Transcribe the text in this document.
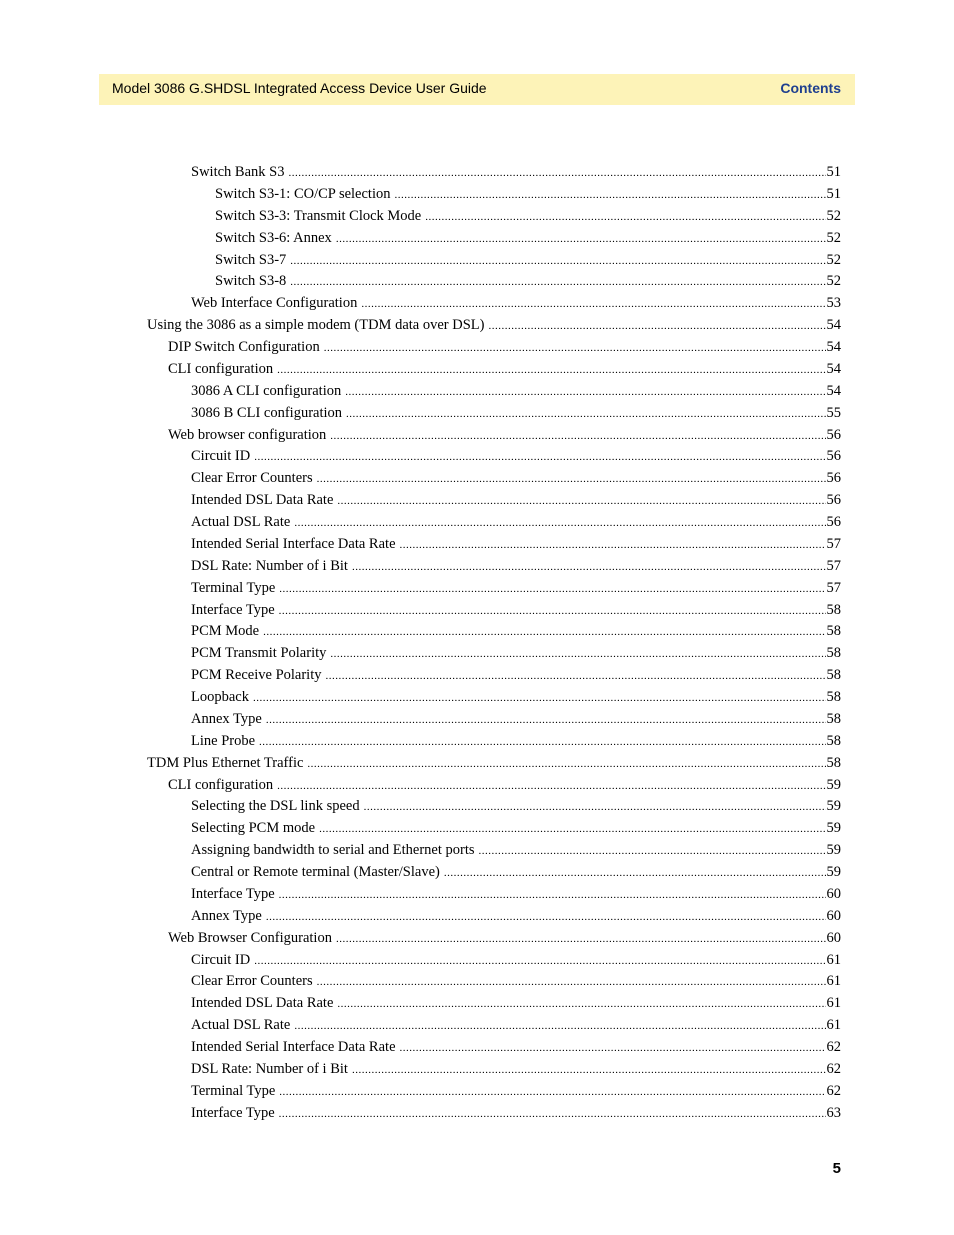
Model 3086 G.SHDSL Integrated Access Device User Guide	Contents
Switch Bank S3 .....	51
Switch S3-1: CO/CP selection .....	51
Switch S3-3: Transmit Clock Mode .....	52
Switch S3-6: Annex .....	52
Switch S3-7 .....	52
Switch S3-8 .....	52
Web Interface Configuration .....	53
Using the 3086 as a simple modem (TDM data over DSL) .....	54
DIP Switch Configuration .....	54
CLI configuration .....	54
3086 A CLI configuration .....	54
3086 B CLI configuration .....	55
Web browser configuration .....	56
Circuit ID .....	56
Clear Error Counters .....	56
Intended DSL Data Rate .....	56
Actual DSL Rate .....	56
Intended Serial Interface Data Rate .....	57
DSL Rate: Number of i Bit .....	57
Terminal Type .....	57
Interface Type .....	58
PCM Mode .....	58
PCM Transmit Polarity .....	58
PCM Receive Polarity .....	58
Loopback .....	58
Annex Type .....	58
Line Probe .....	58
TDM Plus Ethernet Traffic .....	58
CLI configuration .....	59
Selecting the DSL link speed .....	59
Selecting PCM mode .....	59
Assigning bandwidth to serial and Ethernet ports .....	59
Central or Remote terminal (Master/Slave) .....	59
Interface Type .....	60
Annex Type .....	60
Web Browser Configuration .....	60
Circuit ID .....	61
Clear Error Counters .....	61
Intended DSL Data Rate .....	61
Actual DSL Rate .....	61
Intended Serial Interface Data Rate .....	62
DSL Rate: Number of i Bit .....	62
Terminal Type .....	62
Interface Type .....	63
5
